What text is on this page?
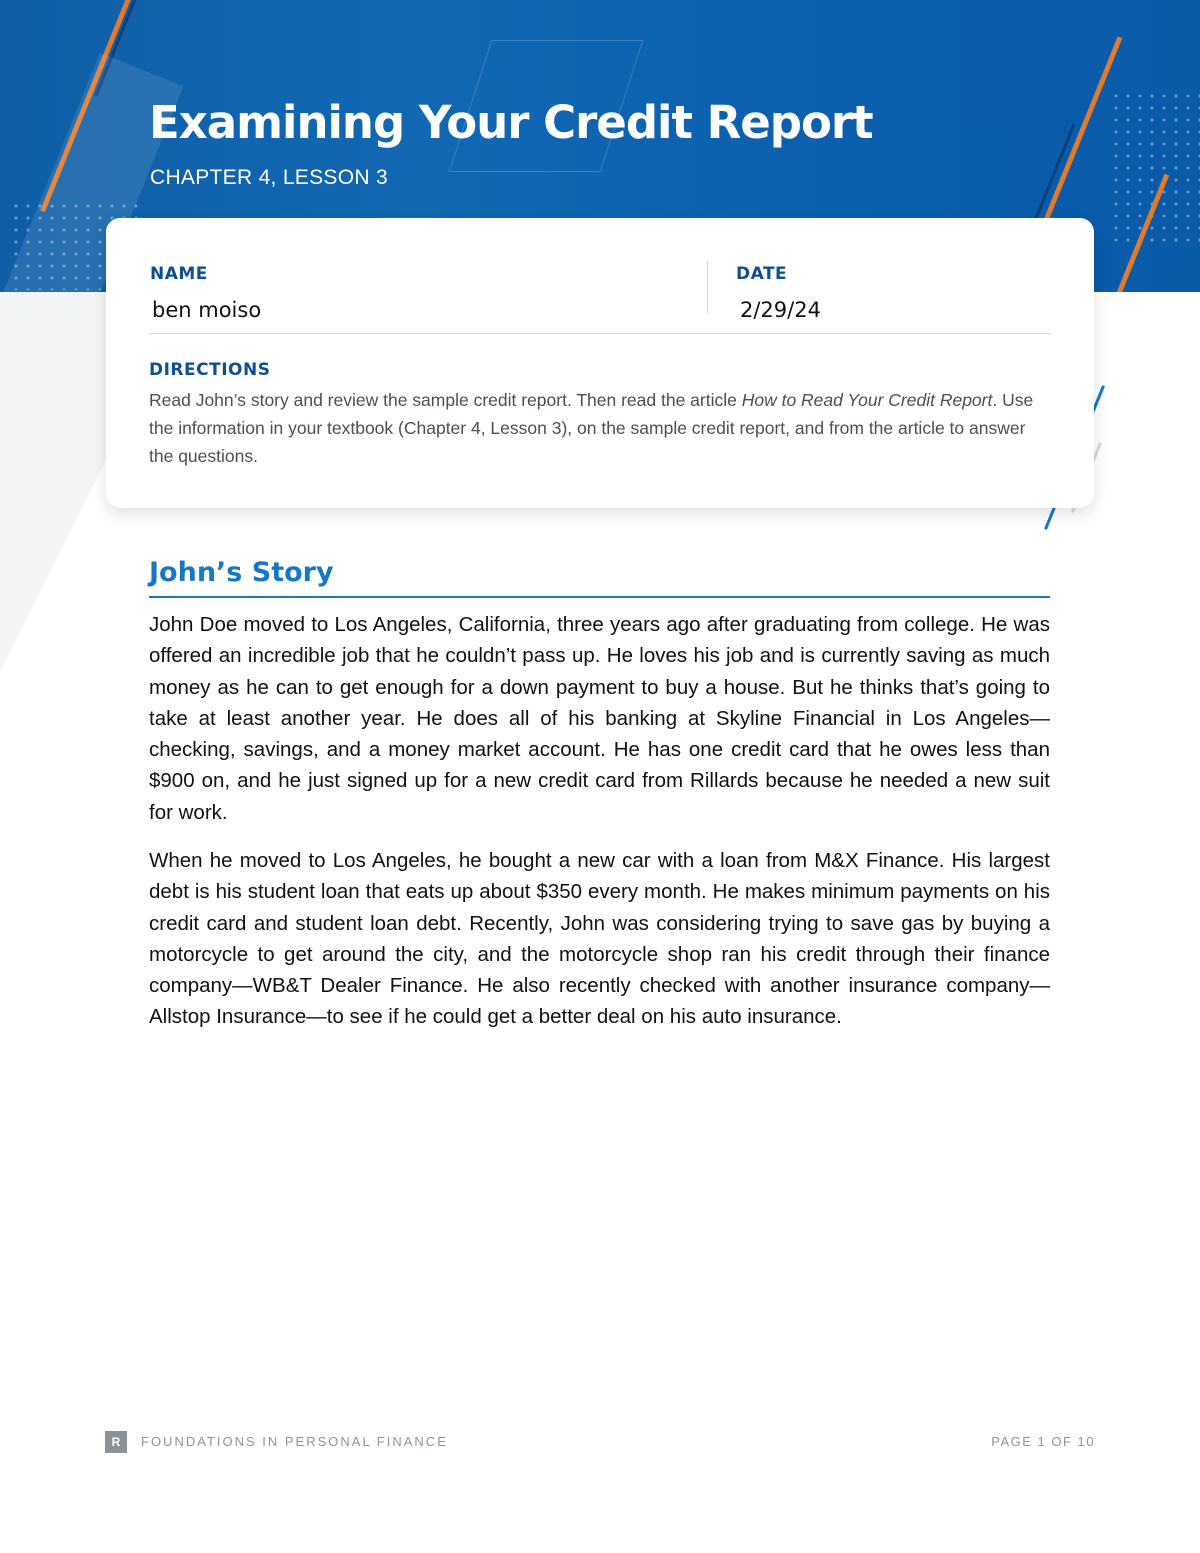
Examining Your Credit Report
CHAPTER 4, LESSON 3
NAME
ben moiso
DATE
2/29/24
DIRECTIONS

Read John’s story and review the sample credit report. Then read the article How to Read Your Credit Report. Use the information in your textbook (Chapter 4, Lesson 3), on the sample credit report, and from the article to answer the questions.

John’s Story

John Doe moved to Los Angeles, California, three years ago after graduating from college. He was offered an incredible job that he couldn’t pass up. He loves his job and is currently saving as much money as he can to get enough for a down payment to buy a house. But he thinks that’s going to take at least another year. He does all of his banking at Skyline Financial in Los Angeles—checking, savings, and a money market account. He has one credit card that he owes less than $900 on, and he just signed up for a new credit card from Rillards because he needed a new suit for work.

When he moved to Los Angeles, he bought a new car with a loan from M&X Finance. His largest debt is his student loan that eats up about $350 every month. He makes minimum payments on his credit card and student loan debt. Recently, John was considering trying to save gas by buying a motorcycle to get around the city, and the motorcycle shop ran his credit through their finance company—WB&T Dealer Finance. He also recently checked with another insurance company—Allstop Insurance—to see if he could get a better deal on his auto insurance.

R	FOUNDATIONS IN PERSONAL FINANCE	PAGE 1 OF 10
